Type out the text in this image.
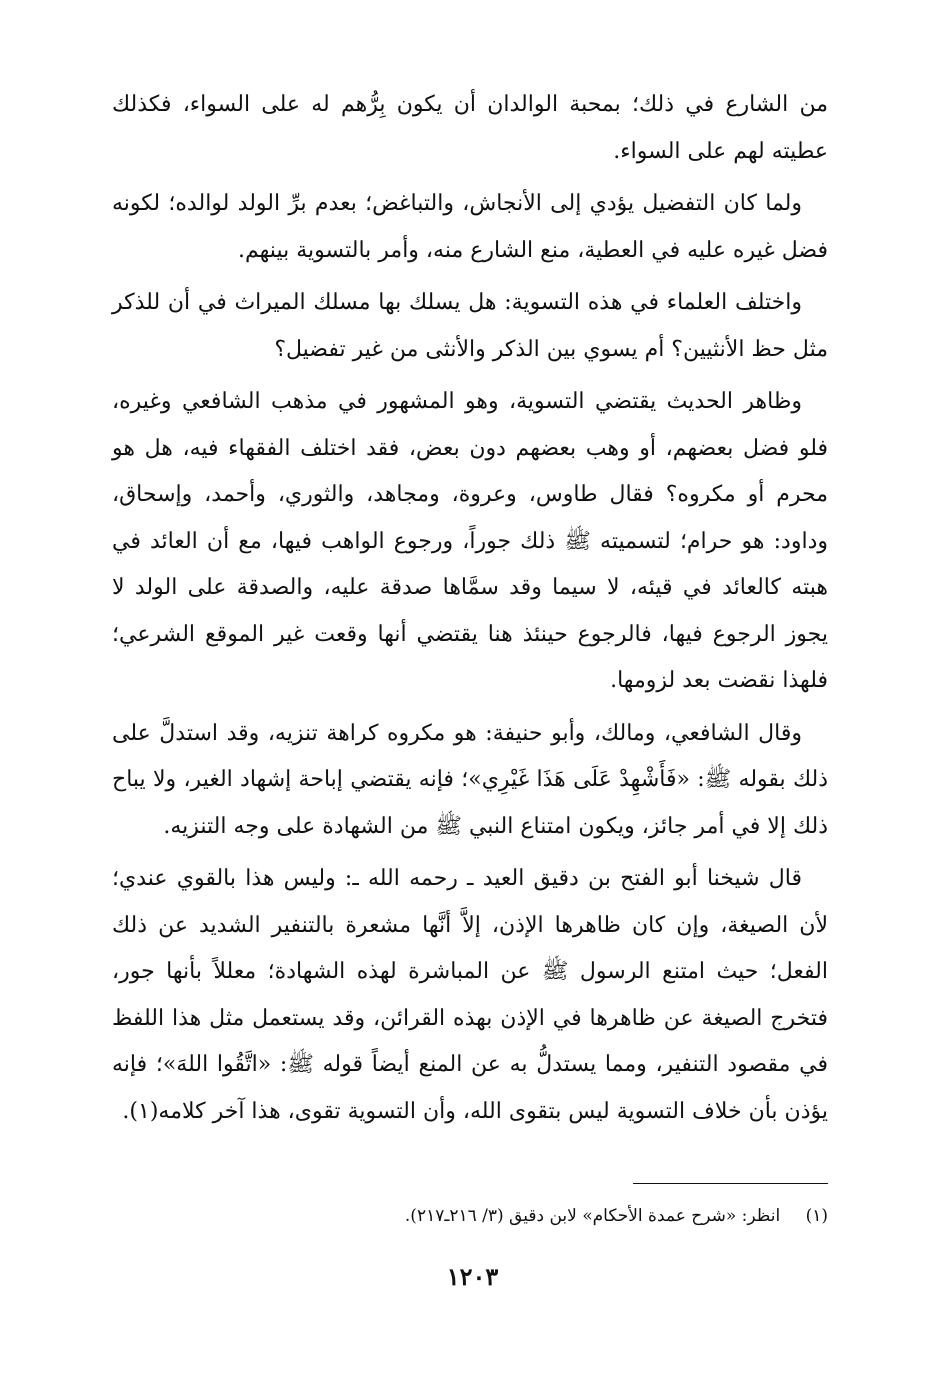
من الشارع في ذلك؛ بمحبة الوالدان أن يكون بِرُّهم له على السواء، فكذلك عطيته لهم على السواء.

ولما كان التفضيل يؤدي إلى الأنجاش، والتباغض؛ بعدم برِّ الولد لوالده؛ لكونه فضل غيره عليه في العطية، منع الشارع منه، وأمر بالتسوية بينهم.

واختلف العلماء في هذه التسوية: هل يسلك بها مسلك الميراث في أن للذكر مثل حظ الأنثيين؟ أم يسوي بين الذكر والأنثى من غير تفضيل؟

وظاهر الحديث يقتضي التسوية، وهو المشهور في مذهب الشافعي وغيره، فلو فضل بعضهم، أو وهب بعضهم دون بعض، فقد اختلف الفقهاء فيه، هل هو محرم أو مكروه؟ فقال طاوس، وعروة، ومجاهد، والثوري، وأحمد، وإسحاق، وداود: هو حرام؛ لتسميته ﷺ ذلك جوراً، ورجوع الواهب فيها، مع أن العائد في هبته كالعائد في قيئه، لا سيما وقد سمَّاها صدقة عليه، والصدقة على الولد لا يجوز الرجوع فيها، فالرجوع حينئذ هنا يقتضي أنها وقعت غير الموقع الشرعي؛ فلهذا نقضت بعد لزومها.

وقال الشافعي، ومالك، وأبو حنيفة: هو مكروه كراهة تنزيه، وقد استدلَّ على ذلك بقوله ﷺ: «فَأَشْهِدْ عَلَى هَذَا غَيْرِي»؛ فإنه يقتضي إباحة إشهاد الغير، ولا يباح ذلك إلا في أمر جائز، ويكون امتناع النبي ﷺ من الشهادة على وجه التنزيه.

قال شيخنا أبو الفتح بن دقيق العيد ـ رحمه الله ـ: وليس هذا بالقوي عندي؛ لأن الصيغة، وإن كان ظاهرها الإذن، إلاَّ أنَّها مشعرة بالتنفير الشديد عن ذلك الفعل؛ حيث امتنع الرسول ﷺ عن المباشرة لهذه الشهادة؛ معللاً بأنها جور، فتخرج الصيغة عن ظاهرها في الإذن بهذه القرائن، وقد يستعمل مثل هذا اللفظ في مقصود التنفير، ومما يستدلُّ به عن المنع أيضاً قوله ﷺ: «اتَّقُوا اللهَ»؛ فإنه يؤذن بأن خلاف التسوية ليس بتقوى الله، وأن التسوية تقوى، هذا آخر كلامه(١).

(١) انظر: «شرح عمدة الأحكام» لابن دقيق (٣/ ٢١٦ـ٢١٧).
١٢٠٣
